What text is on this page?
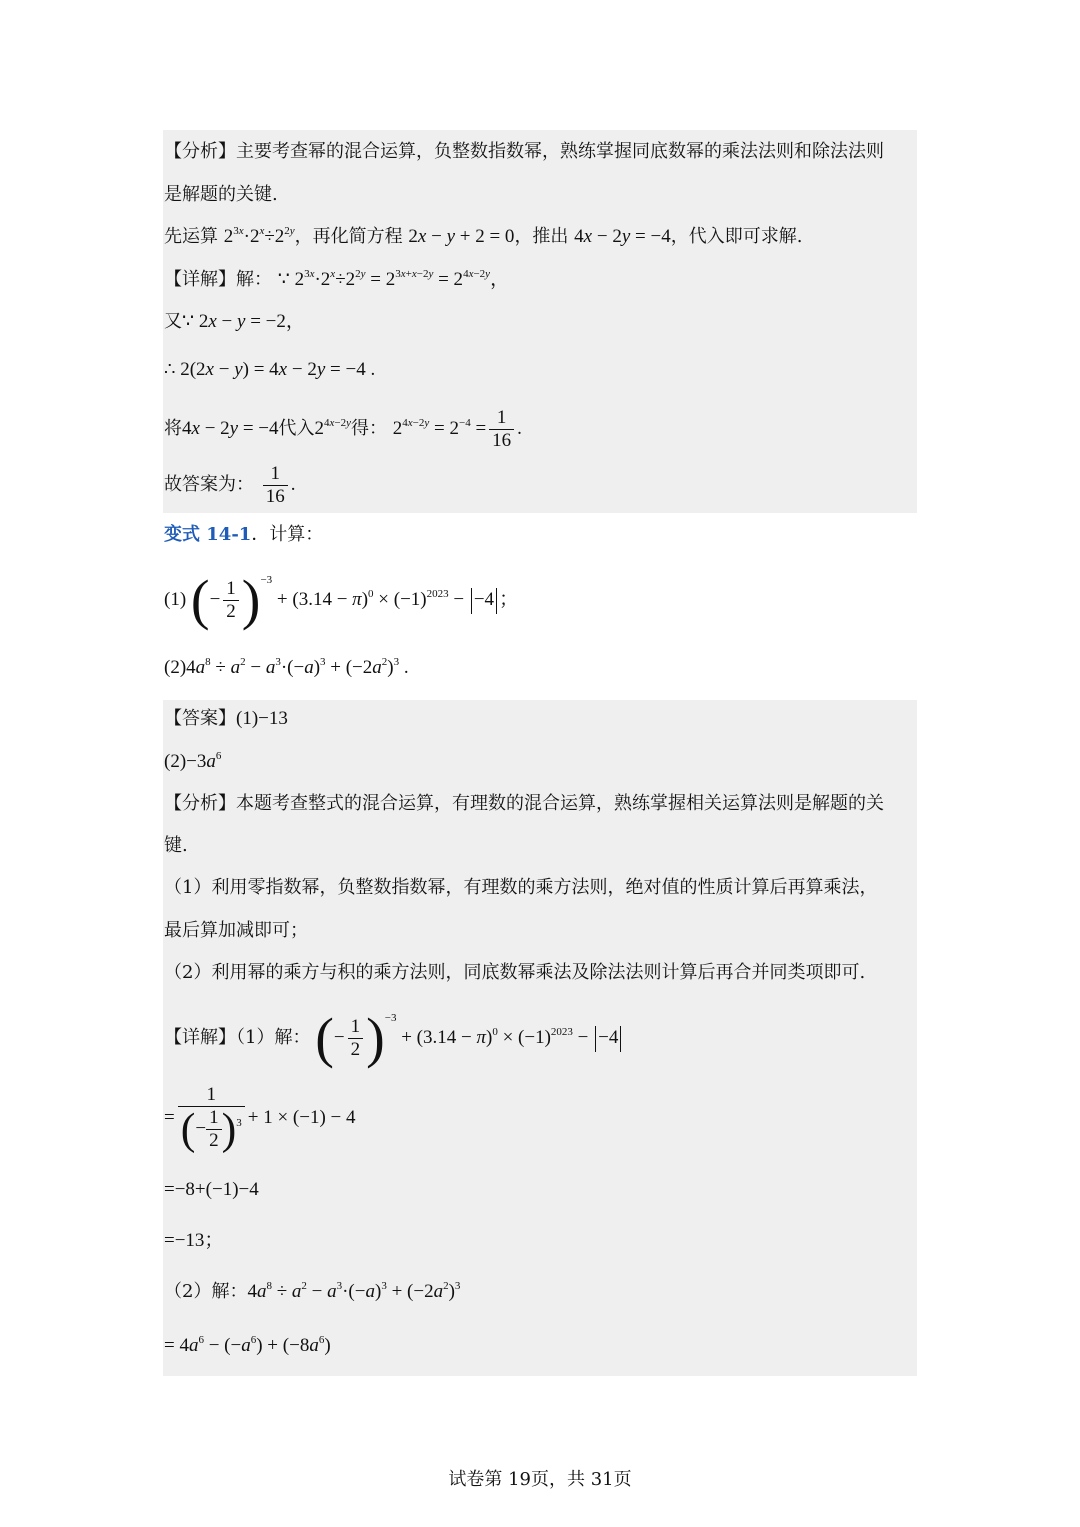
【分析】主要考查幂的混合运算，负整数指数幂，熟练掌握同底数幂的乘法法则和除法法则
是解题的关键.
先运算 $2^{3x}\cdot 2^x\div 2^{2y}$，再化简方程 2x − y + 2 = 0，推出 4x − 2y = −4，代入即可求解.
【详解】解： ∵ $2^{3x}\cdot 2^x\div 2^{2y} = 2^{3x+x-2y} = 2^{4x-2y}$，
又∵ 2x − y = −2，
∴ 2(2x − y) = 4x − 2y = −4 .
将4x − 2y = −4代入$2^{4x-2y}$得： $2^{4x-2y} = 2^{-4} = \frac{1}{16}$ .
故答案为： $\frac{1}{16}$ .
变式 14-1．计算：
(1) (− $\frac{1}{2} )^{-3} + (3.14 - \pi)^0 \times (-1)^{2023} - -4$ ；
$(2)4a^8 \div a^2 - a^3\cdot(-a)^3 + (-2a^2)^3$ .
【答案】(1)−13
$(2)-3a^6$
【分析】本题考查整式的混合运算，有理数的混合运算，熟练掌握相关运算法则是解题的关
键.
（1）利用零指数幂，负整数指数幂，有理数的乘方法则，绝对值的性质计算后再算乘法，
最后算加减即可；
（2）利用幂的乘方与积的乘方法则，同底数幂乘法及除法法则计算后再合并同类项即可.
【详解】（1）解： (− $\frac{1}{2} )^{-3} + (3.14 - \pi)^0 \times (-1)^{2023} - -4$
= $\frac{1}{(- \frac{1}{2} )^3} + 1 \times (-1) - 4$
=−8+(−1)−4
=−13；
（2）解：$4a^8 \div a^2 - a^3\cdot(-a)^3 + (-2a^2)^3$
= $4a^6 - (-a^6) + (-8a^6)$
试卷第 19页，共 31页
